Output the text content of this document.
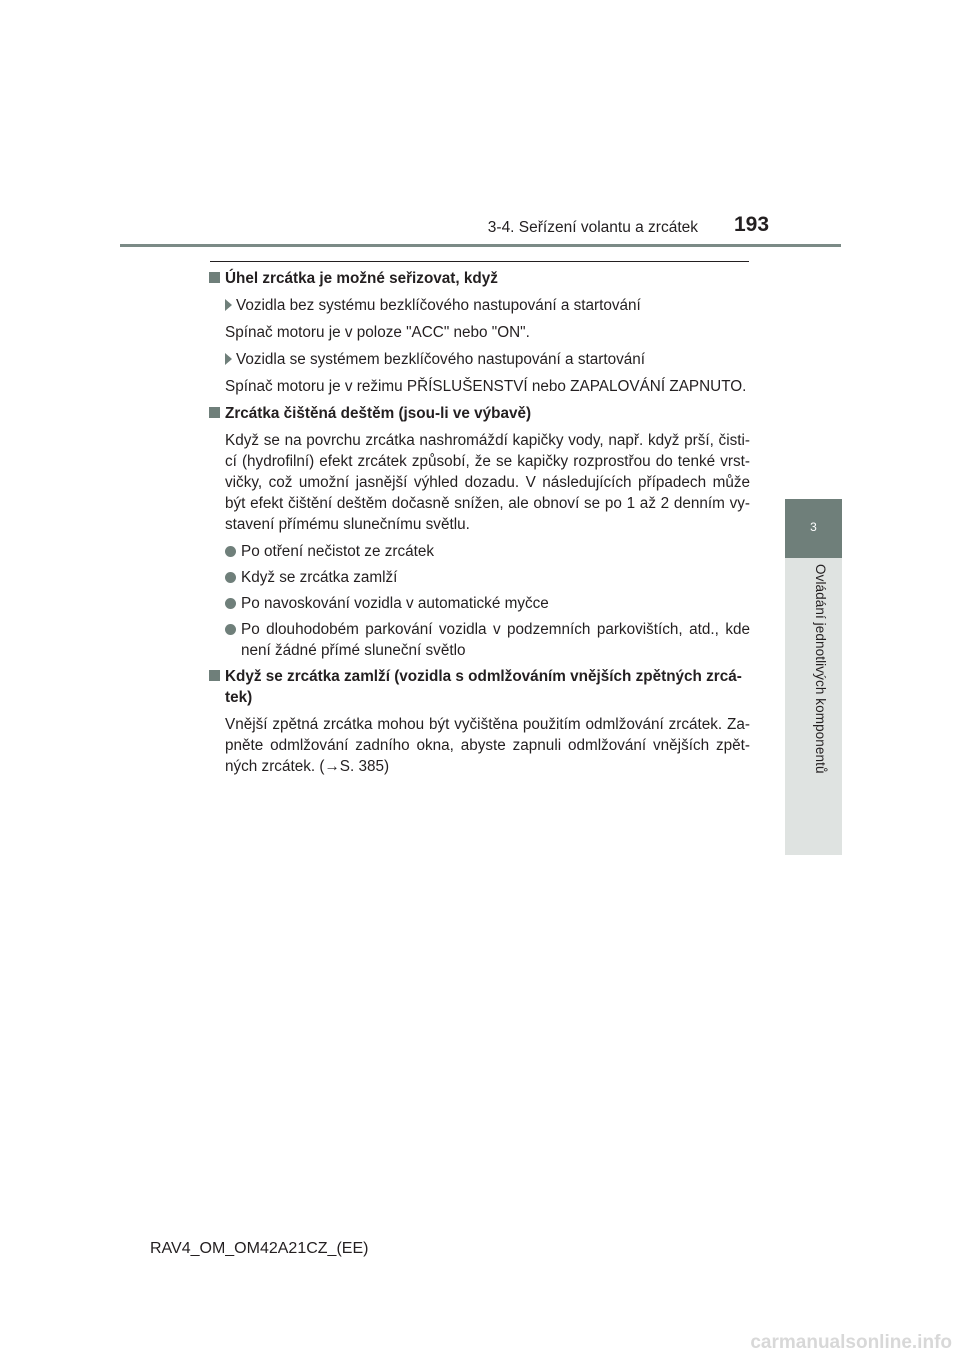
3-4. Seřízení volantu a zrcátek 193
3
Ovládání jednotlivých komponentů
Úhel zrcátka je možné seřizovat, když
Vozidla bez systému bezklíčového nastupování a startování
Spínač motoru je v poloze "ACC" nebo "ON".
Vozidla se systémem bezklíčového nastupování a startování
Spínač motoru je v režimu PŘÍSLUŠENSTVÍ nebo ZAPALOVÁNÍ ZAPNUTO.
Zrcátka čištěná deštěm (jsou-li ve výbavě)
Když se na povrchu zrcátka nashromáždí kapičky vody, např. když prší, čisti-cí (hydrofilní) efekt zrcátek způsobí, že se kapičky rozprostřou do tenké vrst-vičky, což umožní jasnější výhled dozadu. V následujících případech může být efekt čištění deštěm dočasně snížen, ale obnoví se po 1 až 2 denním vy-stavení přímému slunečnímu světlu.
Po otření nečistot ze zrcátek
Když se zrcátka zamlží
Po navoskování vozidla v automatické myčce
Po dlouhodobém parkování vozidla v podzemních parkovištích, atd., kde není žádné přímé sluneční světlo
Když se zrcátka zamlží (vozidla s odmlžováním vnějších zpětných zrcá-tek)
Vnější zpětná zrcátka mohou být vyčištěna použitím odmlžování zrcátek. Za-pněte odmlžování zadního okna, abyste zapnuli odmlžování vnějších zpět-ných zrcátek. (→S. 385)
RAV4_OM_OM42A21CZ_(EE)
carmanualsonline.info
